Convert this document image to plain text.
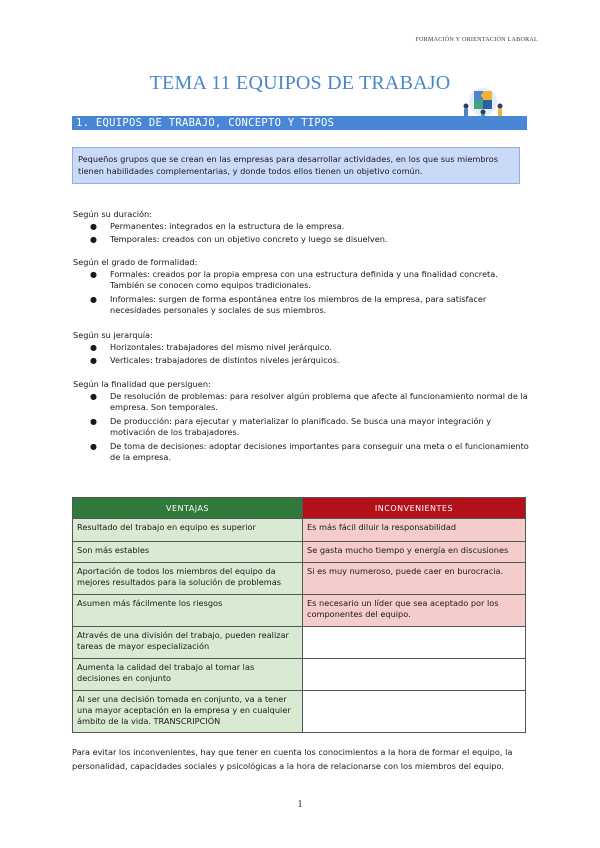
FORMACIÓN Y ORIENTACIÓN LABORAL
TEMA 11 EQUIPOS DE TRABAJO
1. EQUIPOS DE TRABAJO, CONCEPTO Y TIPOS
Pequeños grupos que se crean en las empresas para desarrollar actividades, en los que sus miembros tienen habilidades complementarias, y donde todos ellos tienen un objetivo común.

Según su duración:

● Permanentes: integrados en la estructura de la empresa.
● Temporales: creados con un objetivo concreto y luego se disuelven.

Según el grado de formalidad:

● Formales: creados por la propia empresa con una estructura definida y una finalidad concreta. También se conocen como equipos tradicionales.
● Informales: surgen de forma espontánea entre los miembros de la empresa, para satisfacer necesidades personales y sociales de sus miembros.

Según su jerarquía:

● Horizontales: trabajadores del mismo nivel jerárquico.
● Verticales: trabajadores de distintos niveles jerárquicos.

Según la finalidad que persiguen:

● De resolución de problemas: para resolver algún problema que afecte al funcionamiento normal de la empresa. Son temporales.
● De producción: para ejecutar y materializar lo planificado. Se busca una mayor integración y motivación de los trabajadores.
● De toma de decisiones: adoptar decisiones importantes para conseguir una meta o el funcionamiento de la empresa.
VENTAJAS	INCONVENIENTES
Resultado del trabajo en equipo es superior	Es más fácil diluir la responsabilidad
Son más estables	Se gasta mucho tiempo y energía en discusiones
Aportación de todos los miembros del equipo da mejores resultados para la solución de problemas	Si es muy numeroso, puede caer en burocracia.
Asumen más fácilmente los riesgos	Es necesario un líder que sea aceptado por los componentes del equipo.
Através de una división del trabajo, pueden realizar tareas de mayor especialización	
Aumenta la calidad del trabajo al tomar las decisiones en conjunto	
Al ser una decisión tomada en conjunto, va a tener una mayor aceptación en la empresa y en cualquier ámbito de la vida. TRANSCRIPCIÓN	
Para evitar los inconvenientes, hay que tener en cuenta los conocimientos a la hora de formar el equipo, la personalidad, capacidades sociales y psicológicas a la hora de relacionarse con los miembros del equipo.
1
